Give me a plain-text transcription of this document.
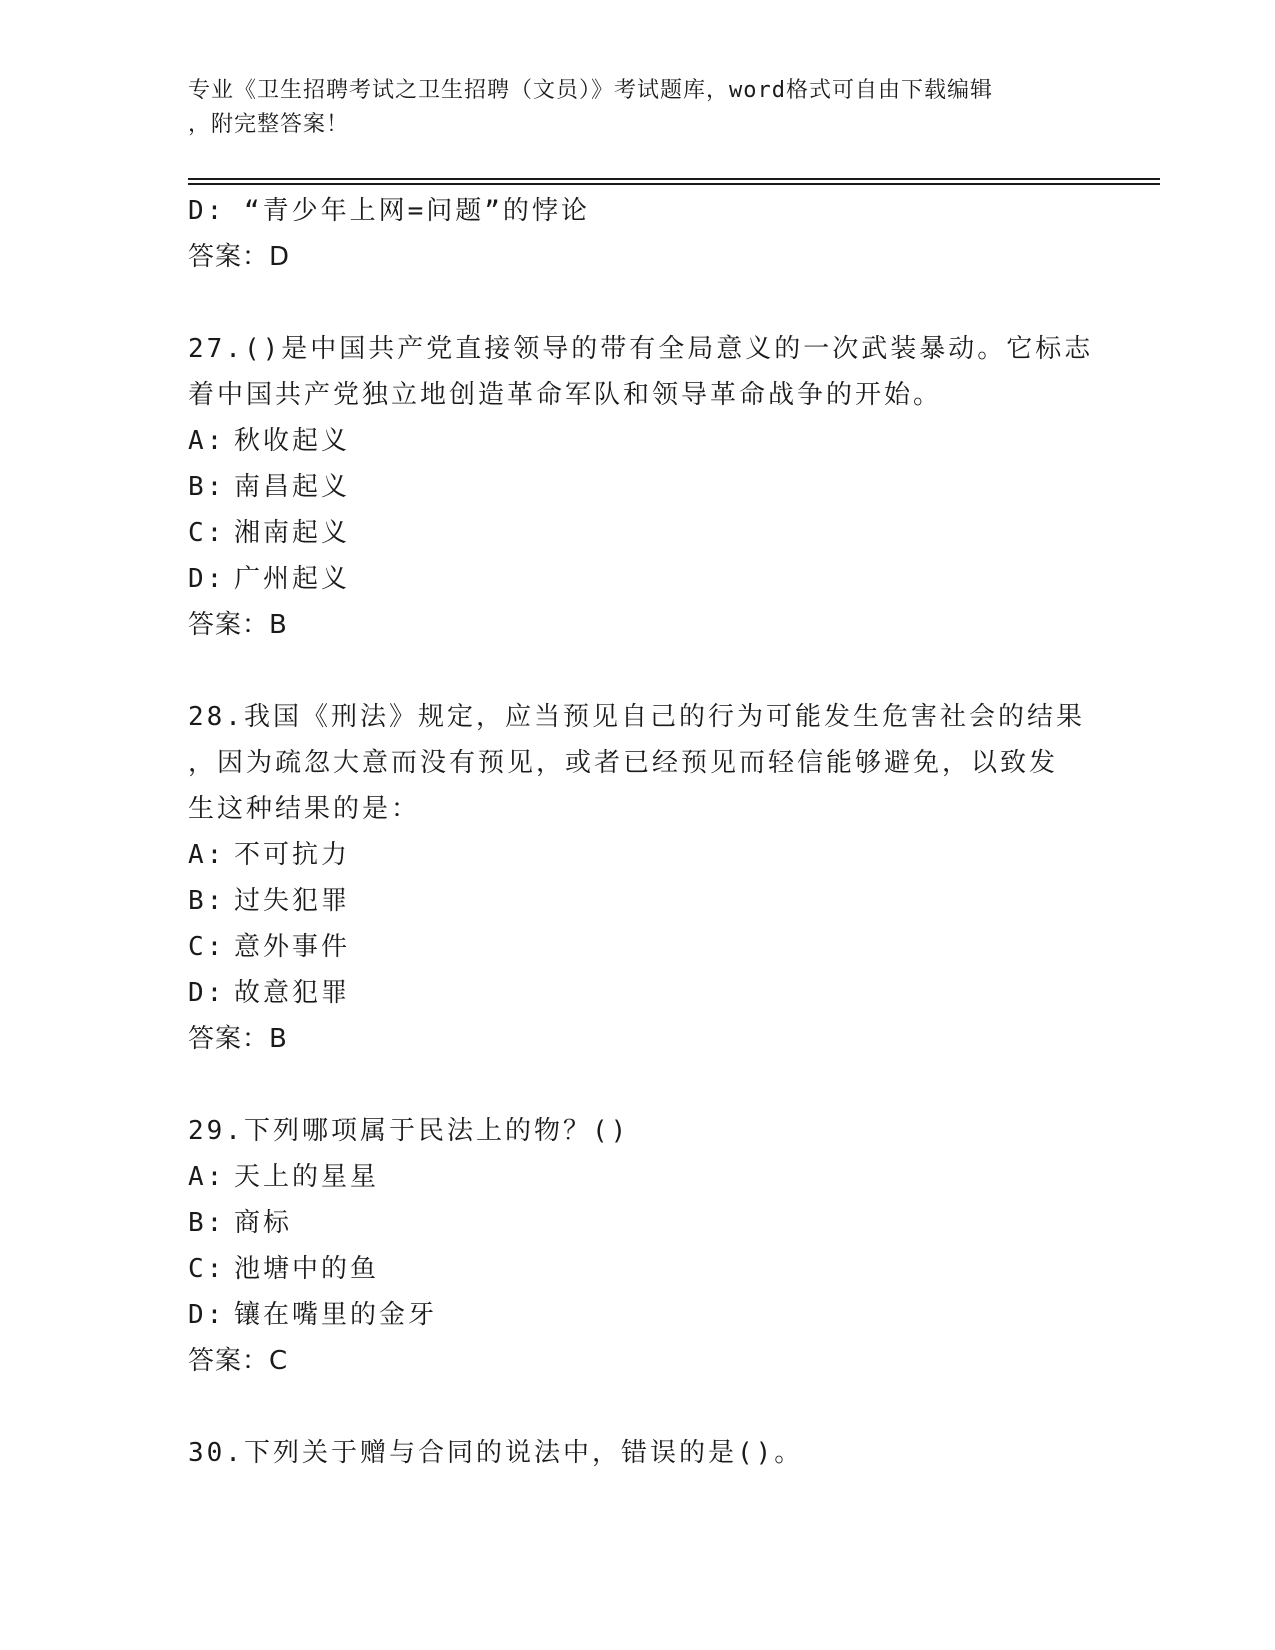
专业《卫生招聘考试之卫生招聘（文员）》考试题库，word格式可自由下载编辑
，附完整答案！
D: “青少年上网=问题”的悖论
答案：D
27.()是中国共产党直接领导的带有全局意义的一次武装暴动。它标志
着中国共产党独立地创造革命军队和领导革命战争的开始。
A: 秋收起义
B: 南昌起义
C: 湘南起义
D: 广州起义
答案：B
28.我国《刑法》规定，应当预见自己的行为可能发生危害社会的结果
，因为疏忽大意而没有预见，或者已经预见而轻信能够避免，以致发
生这种结果的是：
A: 不可抗力
B: 过失犯罪
C: 意外事件
D: 故意犯罪
答案：B
29.下列哪项属于民法上的物？()
A: 天上的星星
B: 商标
C: 池塘中的鱼
D: 镶在嘴里的金牙
答案：C
30.下列关于赠与合同的说法中，错误的是()。
